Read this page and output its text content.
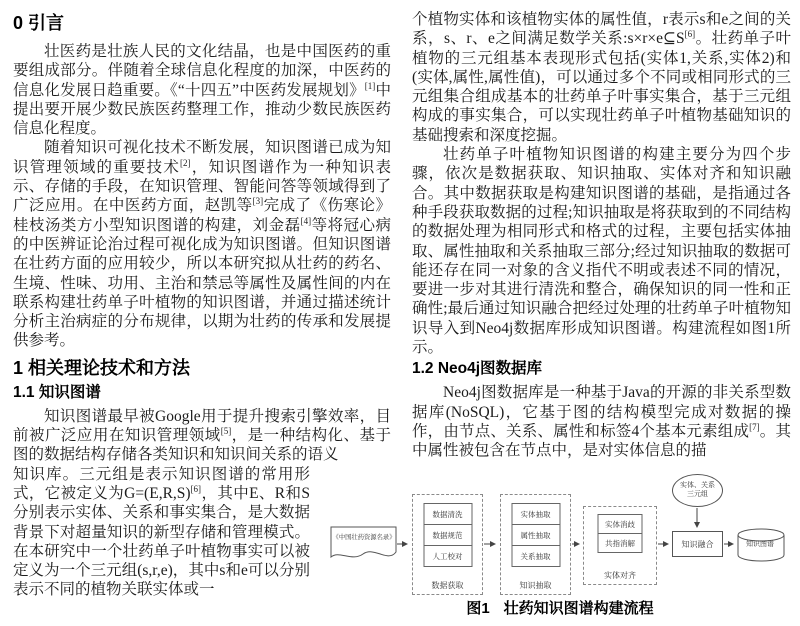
0 引言

壮医药是壮族人民的文化结晶，也是中国医药的重要组成部分。伴随着全球信息化程度的加深，中医药的信息化发展日趋重要。《“十四五”中医药发展规划》[1]中提出要开展少数民族医药整理工作，推动少数民族医药信息化程度。

随着知识可视化技术不断发展，知识图谱已成为知识管理领域的重要技术[2]，知识图谱作为一种知识表示、存储的手段，在知识管理、智能问答等领域得到了广泛应用。在中医药方面，赵凯等[3]完成了《伤寒论》桂枝汤类方小型知识图谱的构建，刘金磊[4]等将冠心病的中医辨证论治过程可视化成为知识图谱。但知识图谱在壮药方面的应用较少，所以本研究拟从壮药的药名、生境、性味、功用、主治和禁忌等属性及属性间的内在联系构建壮药单子叶植物的知识图谱，并通过描述统计分析主治病症的分布规律，以期为壮药的传承和发展提供参考。

1 相关理论技术和方法
1.1 知识图谱

知识图谱最早被Google用于提升搜索引擎效率，目前被广泛应用在知识管理领域[5]，是一种结构化、基于图的数据结构存储各类知识和知识间关系的语义

知识库。三元组是表示知识图谱的常用形式，它被定义为G=(E,R,S)[6]，其中E、R和S分别表示实体、关系和事实集合，是大数据背景下对超量知识的新型存储和管理模式。在本研究中一个壮药单子叶植物事实可以被定义为一个三元组(s,r,e)，其中s和e可以分别表示不同的植物关联实体或一

个植物实体和该植物实体的属性值，r表示s和e之间的关系，s、r、e之间满足数学关系:s×r×e⊆S[6]。壮药单子叶植物的三元组基本表现形式包括(实体1,关系,实体2)和(实体,属性,属性值)，可以通过多个不同或相同形式的三元组集合组成基本的壮药单子叶事实集合，基于三元组构成的事实集合，可以实现壮药单子叶植物基础知识的基础搜索和深度挖掘。

壮药单子叶植物知识图谱的构建主要分为四个步骤，依次是数据获取、知识抽取、实体对齐和知识融合。其中数据获取是构建知识图谱的基础，是指通过各种手段获取数据的过程;知识抽取是将获取到的不同结构的数据处理为相同形式和格式的过程，主要包括实体抽取、属性抽取和关系抽取三部分;经过知识抽取的数据可能还存在同一对象的含义指代不明或表述不同的情况，要进一步对其进行清洗和整合，确保知识的同一性和正确性;最后通过知识融合把经过处理的壮药单子叶植物知识导入到Neo4j数据库形成知识图谱。构建流程如图1所示。

1.2 Neo4j图数据库

Neo4j图数据库是一种基于Java的开源的非关系型数据库(NoSQL)，它基于图的结构模型完成对数据的操作，由节点、关系、属性和标签4个基本元素组成[7]。其中属性被包含在节点中，是对实体信息的描

《中国壮药资源名录》
数据清洗
数据规范
人工校对
数据获取
实体抽取
属性抽取
关系抽取
知识抽取
实体消歧
共指消解
实体对齐
实体、关系
三元组
知识融合	知识图谱
图1 壮药知识图谱构建流程
